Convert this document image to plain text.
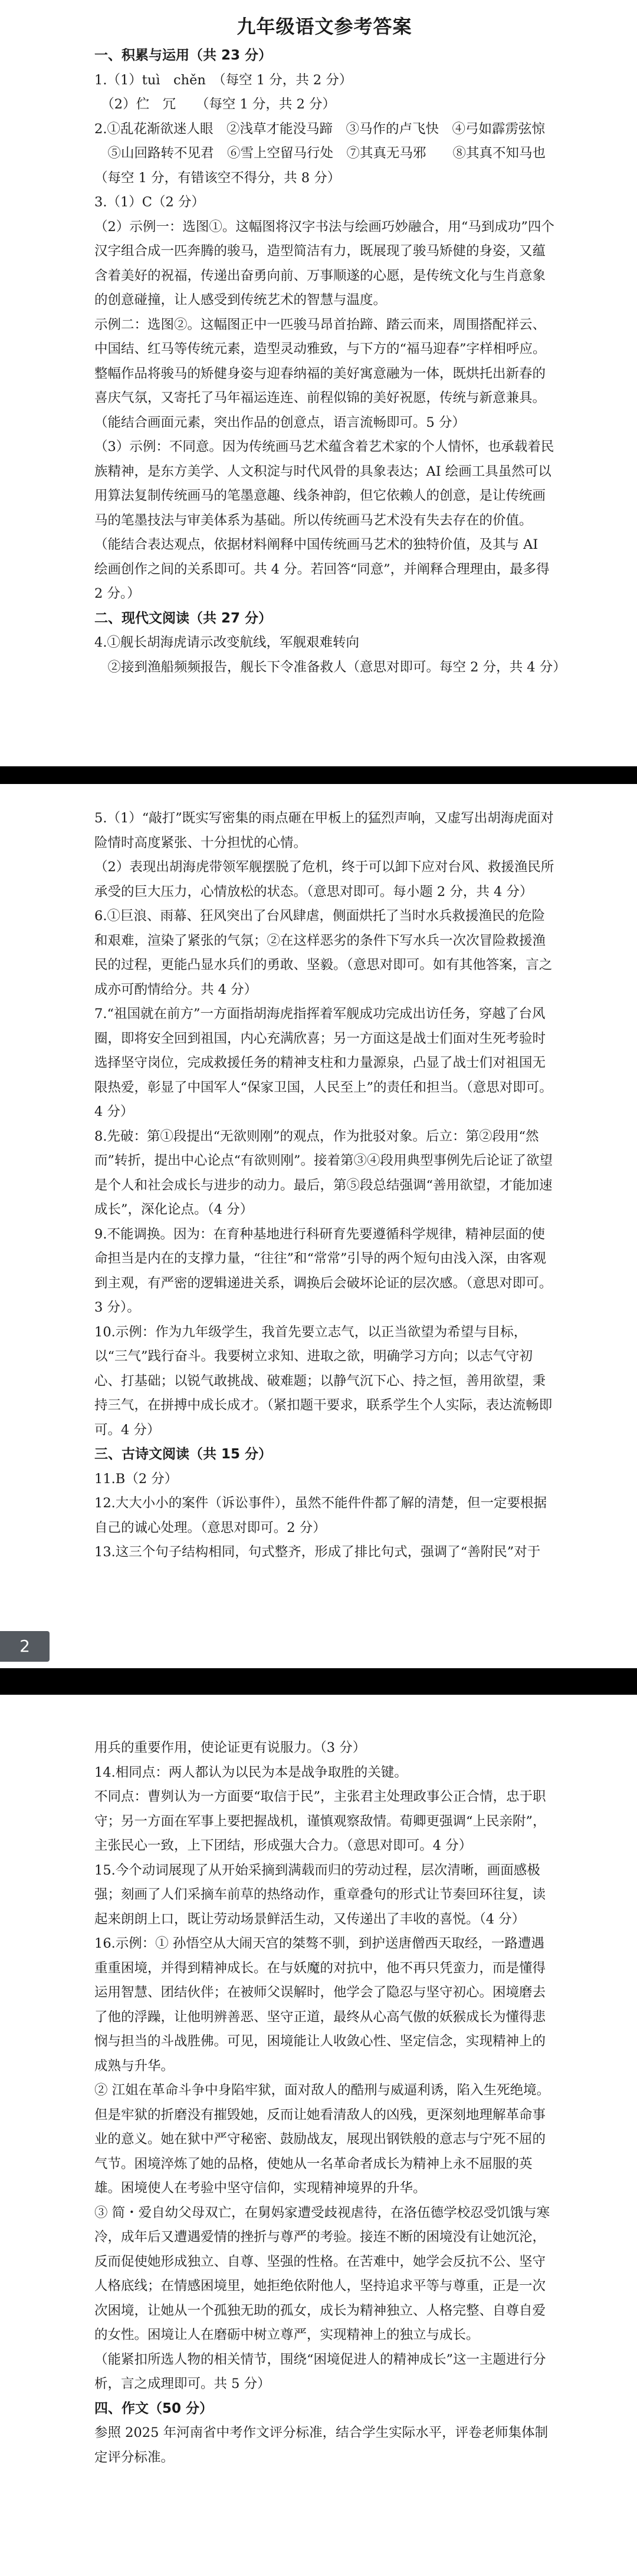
九年级语文参考答案
一、积累与运用（共 23 分）

1.（1）tuì　chěn　（每空 1 分，共 2 分）

　（2）伫　冗　　（每空 1 分，共 2 分）

2.①乱花渐欲迷人眼　②浅草才能没马蹄　③马作的卢飞快　④弓如霹雳弦惊

　⑤山回路转不见君　⑥雪上空留马行处　⑦其真无马邪　　⑧其真不知马也

（每空 1 分，有错该空不得分，共 8 分）

3.（1）C（2 分）

（2）示例一：选图①。这幅图将汉字书法与绘画巧妙融合，用“马到成功”四个汉字组合成一匹奔腾的骏马，造型简洁有力，既展现了骏马矫健的身姿，又蕴含着美好的祝福，传递出奋勇向前、万事顺遂的心愿，是传统文化与生肖意象的创意碰撞，让人感受到传统艺术的智慧与温度。

示例二：选图②。这幅图正中一匹骏马昂首抬蹄、踏云而来，周围搭配祥云、中国结、红马等传统元素，造型灵动雅致，与下方的“福马迎春”字样相呼应。整幅作品将骏马的矫健身姿与迎春纳福的美好寓意融为一体，既烘托出新春的喜庆气氛，又寄托了马年福运连连、前程似锦的美好祝愿，传统与新意兼具。（能结合画面元素，突出作品的创意点，语言流畅即可。5 分）

（3）示例：不同意。因为传统画马艺术蕴含着艺术家的个人情怀，也承载着民族精神，是东方美学、人文积淀与时代风骨的具象表达；AI 绘画工具虽然可以用算法复制传统画马的笔墨意趣、线条神韵，但它依赖人的创意，是让传统画马的笔墨技法与审美体系为基础。所以传统画马艺术没有失去存在的价值。

（能结合表达观点，依据材料阐释中国传统画马艺术的独特价值，及其与 AI 绘画创作之间的关系即可。共 4 分。若回答“同意”，并阐释合理理由，最多得 2 分。）

二、现代文阅读（共 27 分）

4.①舰长胡海虎请示改变航线，军舰艰难转向

　②接到渔船频频报告，舰长下令准备救人（意思对即可。每空 2 分，共 4 分）

5.（1）“敲打”既实写密集的雨点砸在甲板上的猛烈声响，又虚写出胡海虎面对险情时高度紧张、十分担忧的心情。

（2）表现出胡海虎带领军舰摆脱了危机，终于可以卸下应对台风、救援渔民所承受的巨大压力，心情放松的状态。（意思对即可。每小题 2 分，共 4 分）

6.①巨浪、雨幕、狂风突出了台风肆虐，侧面烘托了当时水兵救援渔民的危险和艰难，渲染了紧张的气氛；②在这样恶劣的条件下写水兵一次次冒险救援渔民的过程，更能凸显水兵们的勇敢、坚毅。（意思对即可。如有其他答案，言之成亦可酌情给分。共 4 分）

7.“祖国就在前方”一方面指胡海虎指挥着军舰成功完成出访任务，穿越了台风圈，即将安全回到祖国，内心充满欣喜；另一方面这是战士们面对生死考验时选择坚守岗位，完成救援任务的精神支柱和力量源泉，凸显了战士们对祖国无限热爱，彰显了中国军人“保家卫国，人民至上”的责任和担当。（意思对即可。4 分）

8.先破：第①段提出“无欲则刚”的观点，作为批驳对象。后立：第②段用“然而”转折，提出中心论点“有欲则刚”。接着第③④段用典型事例先后论证了欲望是个人和社会成长与进步的动力。最后，第⑤段总结强调“善用欲望，才能加速成长”，深化论点。（4 分）

9.不能调换。因为：在育种基地进行科研育先要遵循科学规律，精神层面的使命担当是内在的支撑力量，“往往”和“常常”引导的两个短句由浅入深，由客观到主观，有严密的逻辑递进关系，调换后会破坏论证的层次感。（意思对即可。3 分）。

10.示例：作为九年级学生，我首先要立志气，以正当欲望为希望与目标，以“三气”践行奋斗。我要树立求知、进取之欲，明确学习方向；以志气守初心、打基础；以锐气敢挑战、破难题；以静气沉下心、持之恒，善用欲望，秉持三气，在拼搏中成长成才。（紧扣题干要求，联系学生个人实际，表达流畅即可。4 分）

三、古诗文阅读（共 15 分）

11.B（2 分）

12.大大小小的案件（诉讼事件），虽然不能件件都了解的清楚，但一定要根据自己的诚心处理。（意思对即可。2 分）

13.这三个句子结构相同，句式整齐，形成了排比句式，强调了“善附民”对于

2

用兵的重要作用，使论证更有说服力。（3 分）

14.相同点：两人都认为以民为本是战争取胜的关键。

不同点：曹刿认为一方面要“取信于民”，主张君主处理政事公正合情，忠于职守；另一方面在军事上要把握战机，谨慎观察敌情。荀卿更强调“上民亲附”，主张民心一致，上下团结，形成强大合力。（意思对即可。4 分）

15.今个动词展现了从开始采摘到满载而归的劳动过程，层次清晰，画面感极强；刻画了人们采摘车前草的热络动作，重章叠句的形式让节奏回环往复，读起来朗朗上口，既让劳动场景鲜活生动，又传递出了丰收的喜悦。（4 分）

16.示例：① 孙悟空从大闹天宫的桀骜不驯，到护送唐僧西天取经，一路遭遇重重困境，并得到精神成长。在与妖魔的对抗中，他不再只凭蛮力，而是懂得运用智慧、团结伙伴；在被师父误解时，他学会了隐忍与坚守初心。困境磨去了他的浮躁，让他明辨善恶、坚守正道，最终从心高气傲的妖猴成长为懂得悲悯与担当的斗战胜佛。可见，困境能让人收敛心性、坚定信念，实现精神上的成熟与升华。

② 江姐在革命斗争中身陷牢狱，面对敌人的酷刑与威逼利诱，陷入生死绝境。但是牢狱的折磨没有摧毁她，反而让她看清敌人的凶残，更深刻地理解革命事业的意义。她在狱中严守秘密、鼓励战友，展现出钢铁般的意志与宁死不屈的气节。困境淬炼了她的品格，使她从一名革命者成长为精神上永不屈服的英雄。困境使人在考验中坚守信仰，实现精神境界的升华。

③ 简・爱自幼父母双亡，在舅妈家遭受歧视虐待，在洛伍德学校忍受饥饿与寒冷，成年后又遭遇爱情的挫折与尊严的考验。接连不断的困境没有让她沉沦，反而促使她形成独立、自尊、坚强的性格。在苦难中，她学会反抗不公、坚守人格底线；在情感困境里，她拒绝依附他人，坚持追求平等与尊重，正是一次次困境，让她从一个孤独无助的孤女，成长为精神独立、人格完整、自尊自爱的女性。困境让人在磨砺中树立尊严，实现精神上的独立与成长。

（能紧扣所选人物的相关情节，围绕“困境促进人的精神成长”这一主题进行分析，言之成理即可。共 5 分）

四、作文（50 分）

参照 2025 年河南省中考作文评分标准，结合学生实际水平，评卷老师集体制定评分标准。
